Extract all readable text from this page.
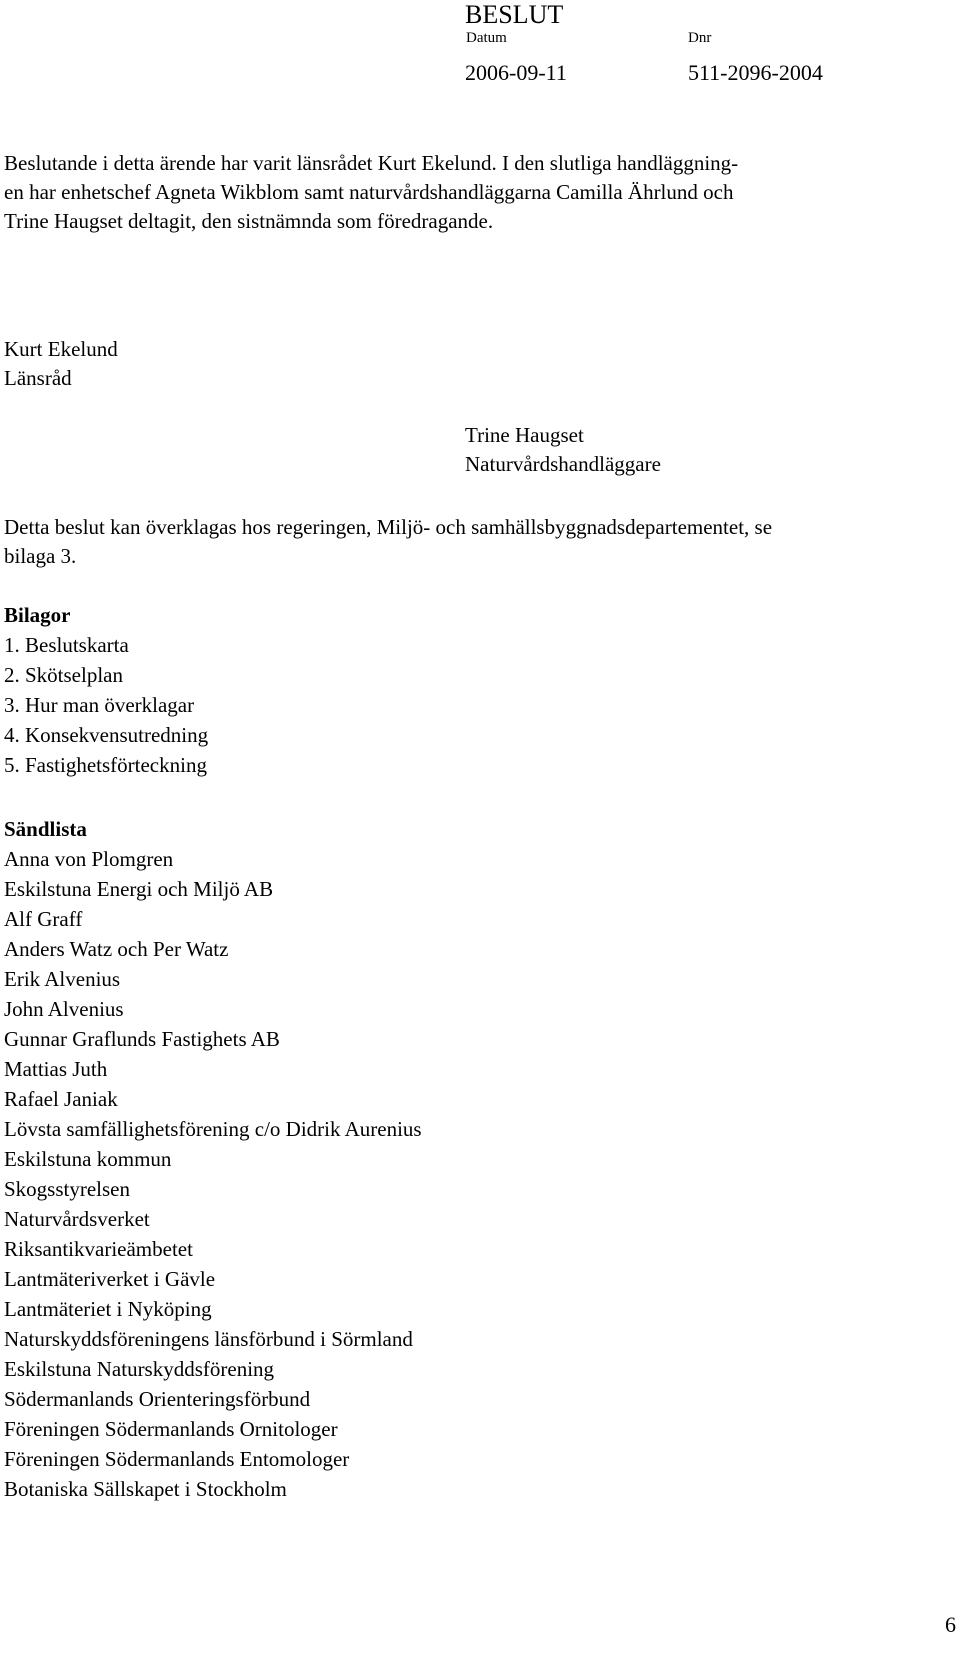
BESLUT
Datum	Dnr
2006-09-11	511-2096-2004

Beslutande i detta ärende har varit länsrådet Kurt Ekelund. I den slutliga handläggning-

en har enhetschef Agneta Wikblom samt naturvårdshandläggarna Camilla Ährlund och

Trine Haugset deltagit, den sistnämnda som föredragande.

Kurt Ekelund
Länsråd
Trine Haugset
Naturvårdshandläggare
Detta beslut kan överklagas hos regeringen, Miljö- och samhällsbyggnadsdepartementet, se
bilaga 3.
Bilagor
1. Beslutskarta
2. Skötselplan
3. Hur man överklagar
4. Konsekvensutredning
5. Fastighetsförteckning
Sändlista
Anna von Plomgren
Eskilstuna Energi och Miljö AB
Alf Graff
Anders Watz och Per Watz
Erik Alvenius
John Alvenius
Gunnar Graflunds Fastighets AB
Mattias Juth
Rafael Janiak
Lövsta samfällighetsförening c/o Didrik Aurenius
Eskilstuna kommun
Skogsstyrelsen
Naturvårdsverket
Riksantikvarieämbetet
Lantmäteriverket i Gävle
Lantmäteriet i Nyköping
Naturskyddsföreningens länsförbund i Sörmland
Eskilstuna Naturskyddsförening
Södermanlands Orienteringsförbund
Föreningen Södermanlands Ornitologer
Föreningen Södermanlands Entomologer
Botaniska Sällskapet i Stockholm
6
